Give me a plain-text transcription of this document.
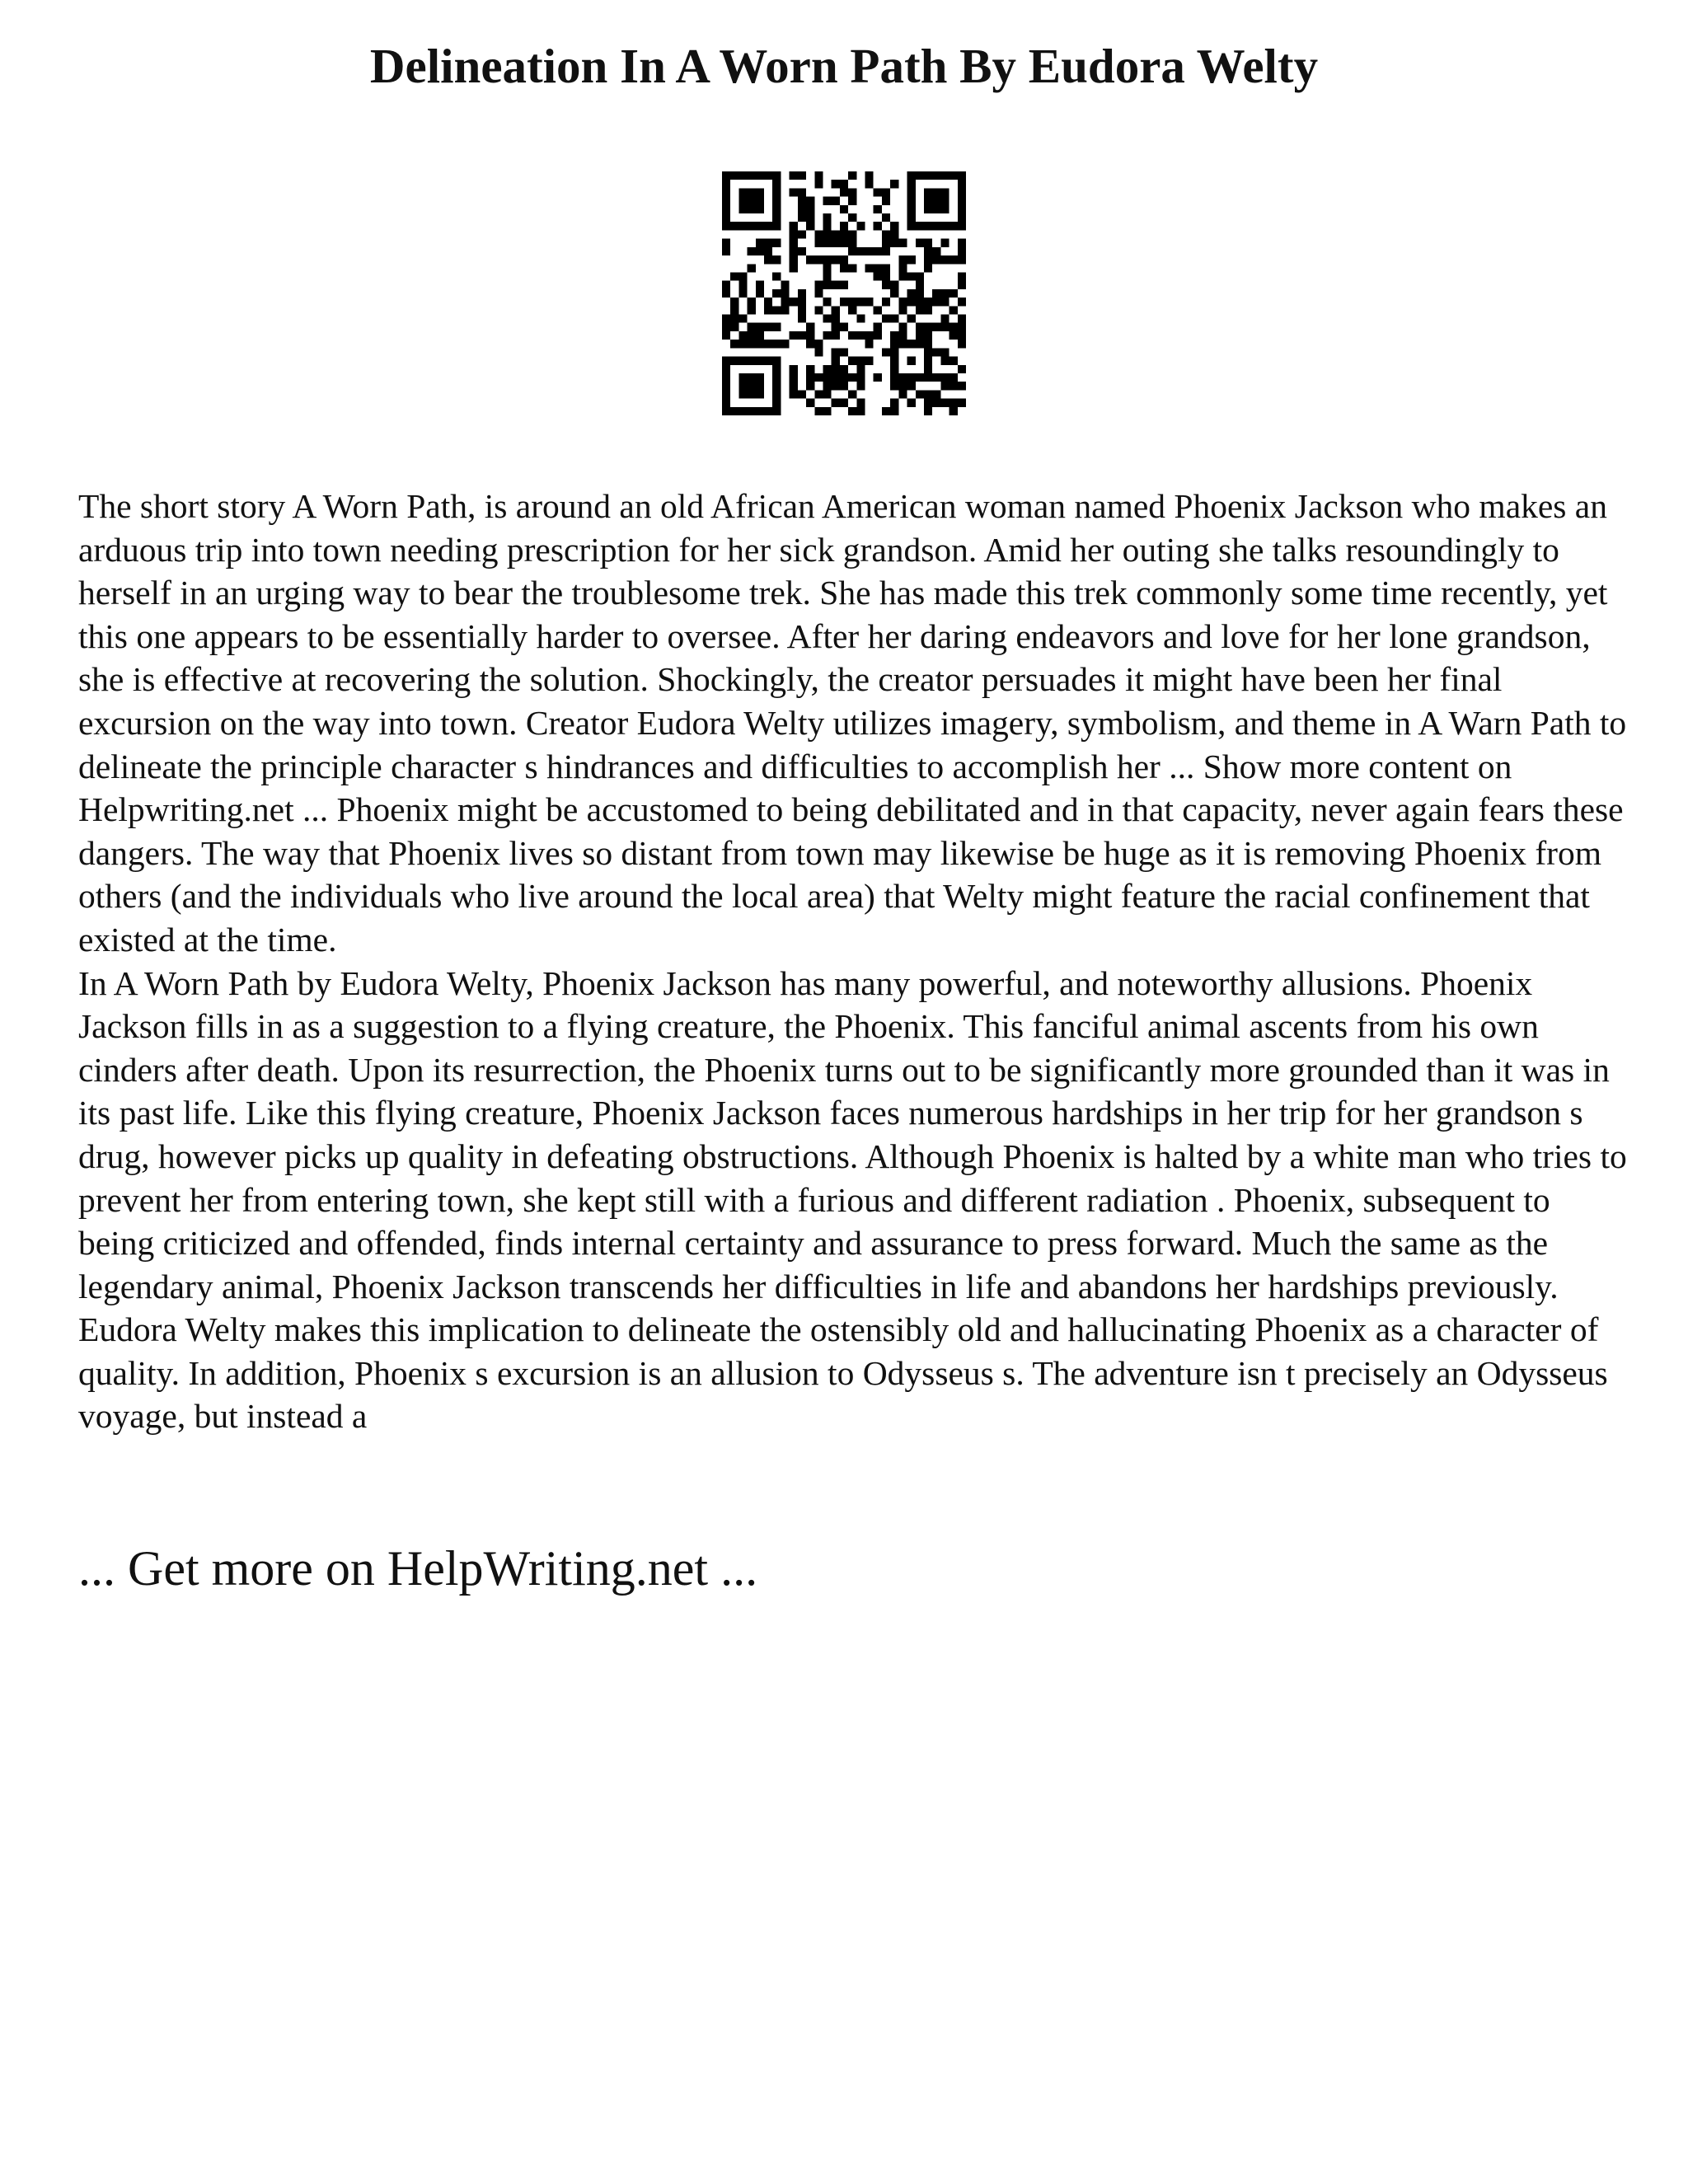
Delineation In A Worn Path By Eudora Welty

The short story A Worn Path, is around an old African American woman named Phoenix Jackson who makes an arduous trip into town needing prescription for her sick grandson. Amid her outing she talks resoundingly to herself in an urging way to bear the troublesome trek. She has made this trek commonly some time recently, yet this one appears to be essentially harder to oversee. After her daring endeavors and love for her lone grandson, she is effective at recovering the solution. Shockingly, the creator persuades it might have been her final excursion on the way into town. Creator Eudora Welty utilizes imagery, symbolism, and theme in A Warn Path to delineate the principle character s hindrances and difficulties to accomplish her ... Show more content on Helpwriting.net ... Phoenix might be accustomed to being debilitated and in that capacity, never again fears these dangers. The way that Phoenix lives so distant from town may likewise be huge as it is removing Phoenix from others (and the individuals who live around the local area) that Welty might feature the racial confinement that existed at the time.

In A Worn Path by Eudora Welty, Phoenix Jackson has many powerful, and noteworthy allusions. Phoenix Jackson fills in as a suggestion to a flying creature, the Phoenix. This fanciful animal ascents from his own cinders after death. Upon its resurrection, the Phoenix turns out to be significantly more grounded than it was in its past life. Like this flying creature, Phoenix Jackson faces numerous hardships in her trip for her grandson s drug, however picks up quality in defeating obstructions. Although Phoenix is halted by a white man who tries to prevent her from entering town, she kept still with a furious and different radiation . Phoenix, subsequent to being criticized and offended, finds internal certainty and assurance to press forward. Much the same as the legendary animal, Phoenix Jackson transcends her difficulties in life and abandons her hardships previously. Eudora Welty makes this implication to delineate the ostensibly old and hallucinating Phoenix as a character of quality. In addition, Phoenix s excursion is an allusion to Odysseus s. The adventure isn t precisely an Odysseus voyage, but instead a

... Get more on HelpWriting.net ...
